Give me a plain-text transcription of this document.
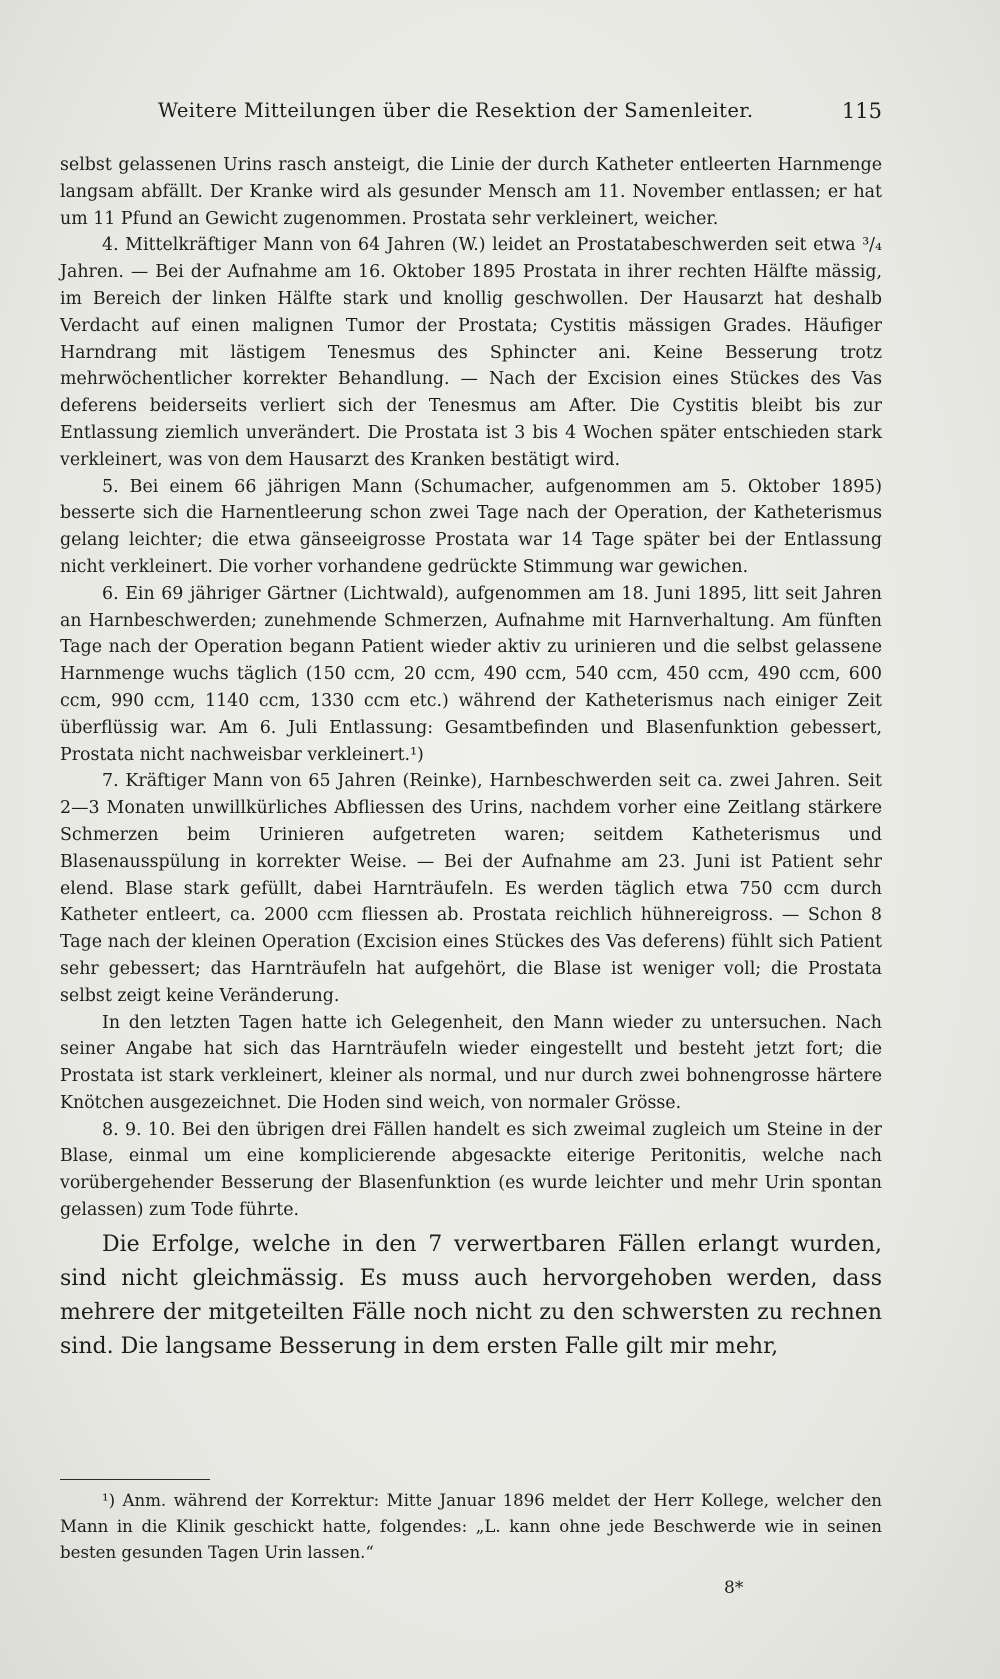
Weitere Mitteilungen über die Resektion der Samenleiter.	115

selbst gelassenen Urins rasch ansteigt, die Linie der durch Katheter entleerten Harnmenge langsam abfällt. Der Kranke wird als gesunder Mensch am 11. November entlassen; er hat um 11 Pfund an Gewicht zugenommen. Prostata sehr verkleinert, weicher.

4. Mittelkräftiger Mann von 64 Jahren (W.) leidet an Prostatabeschwerden seit etwa ³/₄ Jahren. — Bei der Aufnahme am 16. Oktober 1895 Prostata in ihrer rechten Hälfte mässig, im Bereich der linken Hälfte stark und knollig geschwollen. Der Hausarzt hat deshalb Verdacht auf einen malignen Tumor der Prostata; Cystitis mässigen Grades. Häufiger Harndrang mit lästigem Tenesmus des Sphincter ani. Keine Besserung trotz mehrwöchentlicher korrekter Behandlung. — Nach der Excision eines Stückes des Vas deferens beiderseits verliert sich der Tenesmus am After. Die Cystitis bleibt bis zur Entlassung ziemlich unverändert. Die Prostata ist 3 bis 4 Wochen später entschieden stark verkleinert, was von dem Hausarzt des Kranken bestätigt wird.

5. Bei einem 66 jährigen Mann (Schumacher, aufgenommen am 5. Oktober 1895) besserte sich die Harnentleerung schon zwei Tage nach der Operation, der Katheterismus gelang leichter; die etwa gänseeigrosse Prostata war 14 Tage später bei der Entlassung nicht verkleinert. Die vorher vorhandene gedrückte Stimmung war gewichen.

6. Ein 69 jähriger Gärtner (Lichtwald), aufgenommen am 18. Juni 1895, litt seit Jahren an Harnbeschwerden; zunehmende Schmerzen, Aufnahme mit Harnverhaltung. Am fünften Tage nach der Operation begann Patient wieder aktiv zu urinieren und die selbst gelassene Harnmenge wuchs täglich (150 ccm, 20 ccm, 490 ccm, 540 ccm, 450 ccm, 490 ccm, 600 ccm, 990 ccm, 1140 ccm, 1330 ccm etc.) während der Katheterismus nach einiger Zeit überflüssig war. Am 6. Juli Entlassung: Gesamtbefinden und Blasenfunktion gebessert, Prostata nicht nachweisbar verkleinert.¹)

7. Kräftiger Mann von 65 Jahren (Reinke), Harnbeschwerden seit ca. zwei Jahren. Seit 2—3 Monaten unwillkürliches Abfliessen des Urins, nachdem vorher eine Zeitlang stärkere Schmerzen beim Urinieren aufgetreten waren; seitdem Katheterismus und Blasenausspülung in korrekter Weise. — Bei der Aufnahme am 23. Juni ist Patient sehr elend. Blase stark gefüllt, dabei Harnträufeln. Es werden täglich etwa 750 ccm durch Katheter entleert, ca. 2000 ccm fliessen ab. Prostata reichlich hühnereigross. — Schon 8 Tage nach der kleinen Operation (Excision eines Stückes des Vas deferens) fühlt sich Patient sehr gebessert; das Harnträufeln hat aufgehört, die Blase ist weniger voll; die Prostata selbst zeigt keine Veränderung.

In den letzten Tagen hatte ich Gelegenheit, den Mann wieder zu untersuchen. Nach seiner Angabe hat sich das Harnträufeln wieder eingestellt und besteht jetzt fort; die Prostata ist stark verkleinert, kleiner als normal, und nur durch zwei bohnengrosse härtere Knötchen ausgezeichnet. Die Hoden sind weich, von normaler Grösse.

8. 9. 10. Bei den übrigen drei Fällen handelt es sich zweimal zugleich um Steine in der Blase, einmal um eine komplicierende abgesackte eiterige Peritonitis, welche nach vorübergehender Besserung der Blasenfunktion (es wurde leichter und mehr Urin spontan gelassen) zum Tode führte.

Die Erfolge, welche in den 7 verwertbaren Fällen erlangt wurden, sind nicht gleichmässig. Es muss auch hervorgehoben werden, dass mehrere der mitgeteilten Fälle noch nicht zu den schwersten zu rechnen sind. Die langsame Besserung in dem ersten Falle gilt mir mehr,

¹) Anm. während der Korrektur: Mitte Januar 1896 meldet der Herr Kollege, welcher den Mann in die Klinik geschickt hatte, folgendes: „L. kann ohne jede Beschwerde wie in seinen besten gesunden Tagen Urin lassen.“

8*
